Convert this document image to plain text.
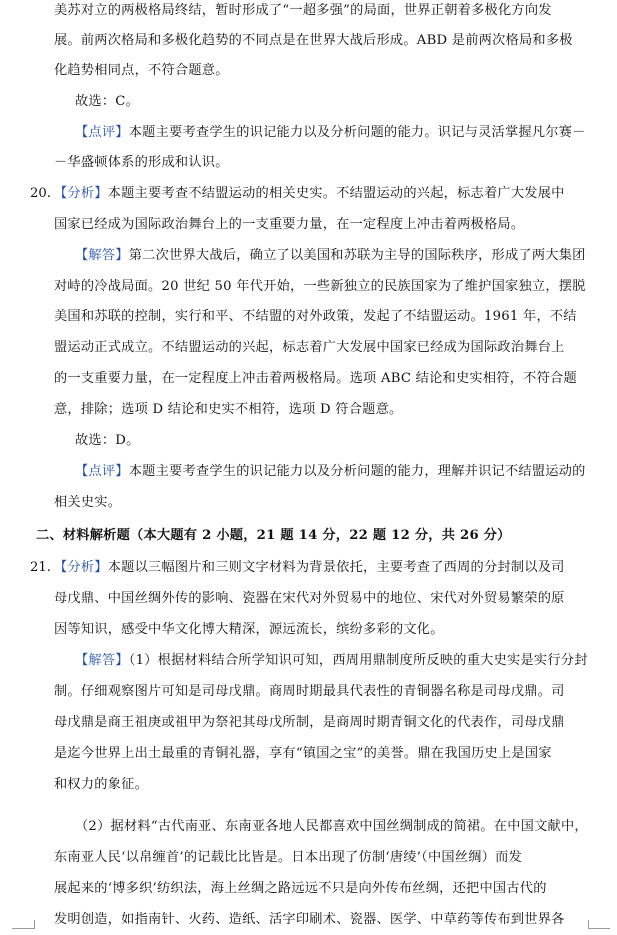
美苏对立的两极格局终结，暂时形成了“一超多强”的局面，世界正朝着多极化方向发
展。前两次格局和多极化趋势的不同点是在世界大战后形成。ABD 是前两次格局和多极
化趋势相同点，不符合题意。
故选：C。
【点评】本题主要考查学生的识记能力以及分析问题的能力。识记与灵活掌握凡尔赛－
－华盛顿体系的形成和认识。
20. 【分析】本题主要考查不结盟运动的相关史实。不结盟运动的兴起，标志着广大发展中
国家已经成为国际政治舞台上的一支重要力量，在一定程度上冲击着两极格局。
【解答】第二次世界大战后，确立了以美国和苏联为主导的国际秩序，形成了两大集团
对峙的冷战局面。20 世纪 50 年代开始，一些新独立的民族国家为了维护国家独立，摆脱
美国和苏联的控制，实行和平、不结盟的对外政策，发起了不结盟运动。1961 年，不结
盟运动正式成立。不结盟运动的兴起，标志着广大发展中国家已经成为国际政治舞台上
的一支重要力量，在一定程度上冲击着两极格局。选项 ABC 结论和史实相符，不符合题
意，排除；选项 D 结论和史实不相符，选项 D 符合题意。
故选：D。
【点评】本题主要考查学生的识记能力以及分析问题的能力，理解并识记不结盟运动的
相关史实。
二、材料解析题（本大题有 2 小题，21 题 14 分，22 题 12 分，共 26 分）
21. 【分析】本题以三幅图片和三则文字材料为背景依托，主要考查了西周的分封制以及司
母戊鼎、中国丝绸外传的影响、瓷器在宋代对外贸易中的地位、宋代对外贸易繁荣的原
因等知识，感受中华文化博大精深，源远流长，缤纷多彩的文化。
【解答】（1）根据材料结合所学知识可知，西周用鼎制度所反映的重大史实是实行分封
制。仔细观察图片可知是司母戊鼎。商周时期最具代表性的青铜器名称是司母戊鼎。司
母戊鼎是商王祖庚或祖甲为祭祀其母戊所制，是商周时期青铜文化的代表作，司母戊鼎
是迄今世界上出土最重的青铜礼器，享有“镇国之宝”的美誉。鼎在我国历史上是国家
和权力的象征。
（2）据材料“古代南亚、东南亚各地人民都喜欢中国丝绸制成的简裙。在中国文献中，
东南亚人民‘以帛缠首’的记载比比皆是。日本出现了仿制‘唐绫’（中国丝绸）而发
展起来的‘博多织’纺织法，海上丝绸之路远远不只是向外传布丝绸，还把中国古代的
发明创造，如指南针、火药、造纸、活字印刷术、瓷器、医学、中草药等传布到世界各
